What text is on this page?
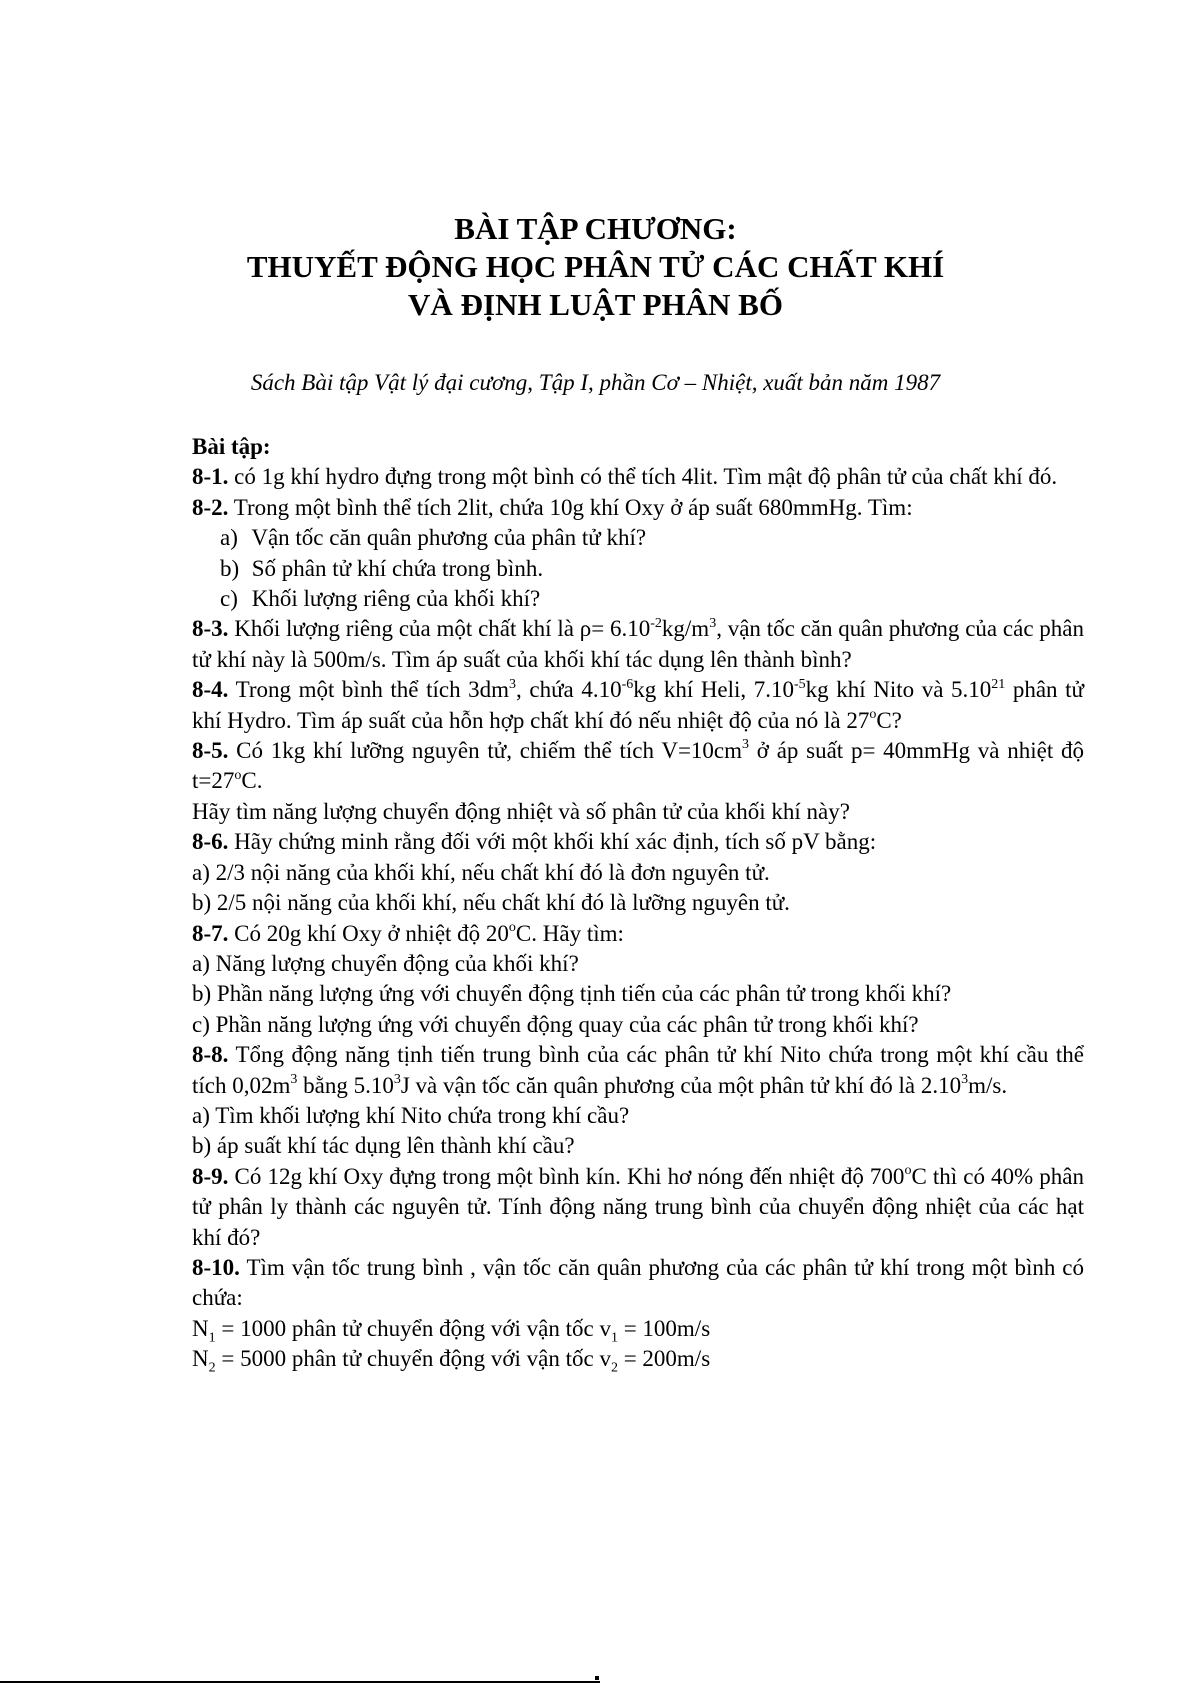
BÀI TẬP CHƯƠNG:
THUYẾT ĐỘNG HỌC PHÂN TỬ CÁC CHẤT KHÍ
VÀ ĐỊNH LUẬT PHÂN BỐ
Sách Bài tập Vật lý đại cương, Tập I, phần Cơ – Nhiệt, xuất bản năm 1987

Bài tập:

8-1. có 1g khí hydro đựng trong một bình có thể tích 4lit. Tìm mật độ phân tử của chất khí đó.

8-2. Trong một bình thể tích 2lit, chứa 10g khí Oxy ở áp suất 680mmHg. Tìm:

a) Vận tốc căn quân phương của phân tử khí?

b) Số phân tử khí chứa trong bình.

c) Khối lượng riêng của khối khí?

8-3. Khối lượng riêng của một chất khí là $\rho= 6.10^{-2}kg/m^3$, vận tốc căn quân phương của các phân tử khí này là 500m/s. Tìm áp suất của khối khí tác dụng lên thành bình?

8-4. Trong một bình thể tích $3dm^3$, chứa $4.10^{-6}kg$ khí Heli, $7.10^{-5}kg$ khí Nito và 5.10$^{21}$ phân tử khí Hydro. Tìm áp suất của hỗn hợp chất khí đó nếu nhiệt độ của nó là 27$^o$C?

8-5. Có 1kg khí lưỡng nguyên tử, chiếm thể tích $V=10cm^3$ ở áp suất p= 40mmHg và nhiệt độ $t=27^oC$.

Hãy tìm năng lượng chuyển động nhiệt và số phân tử của khối khí này?

8-6. Hãy chứng minh rằng đối với một khối khí xác định, tích số pV bằng:

a) 2/3 nội năng của khối khí, nếu chất khí đó là đơn nguyên tử.

b) 2/5 nội năng của khối khí, nếu chất khí đó là lưỡng nguyên tử.

8-7. Có 20g khí Oxy ở nhiệt độ 20$^o$C. Hãy tìm:

a) Năng lượng chuyển động của khối khí?

b) Phần năng lượng ứng với chuyển động tịnh tiến của các phân tử trong khối khí?

c) Phần năng lượng ứng với chuyển động quay của các phân tử trong khối khí?

8-8. Tổng động năng tịnh tiến trung bình của các phân tử khí Nito chứa trong một khí cầu thể tích $0,02m^3$ bằng 5.10$^3$J và vận tốc căn quân phương của một phân tử khí đó là 2.10$^3$m/s.

a) Tìm khối lượng khí Nito chứa trong khí cầu?

b) áp suất khí tác dụng lên thành khí cầu?

8-9. Có 12g khí Oxy đựng trong một bình kín. Khi hơ nóng đến nhiệt độ 700$^o$C thì có 40% phân tử phân ly thành các nguyên tử. Tính động năng trung bình của chuyển động nhiệt của các hạt khí đó?

8-10. Tìm vận tốc trung bình , vận tốc căn quân phương của các phân tử khí trong một bình có chứa:

$N_1 = 1000$ phân tử chuyển động với vận tốc $v_1 = 100m/s$

$N_2 = 5000$ phân tử chuyển động với vận tốc $v_2 = 200m/s$
